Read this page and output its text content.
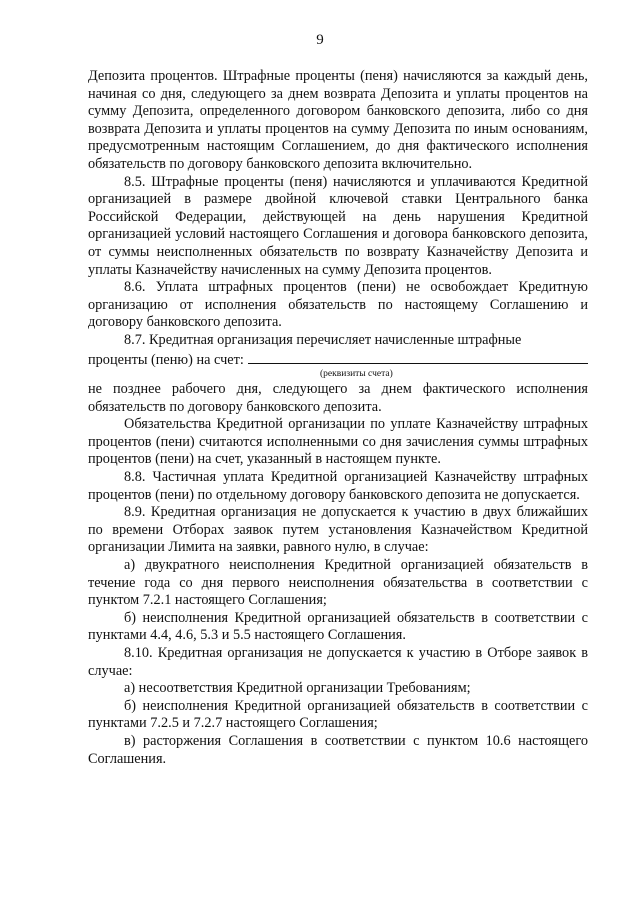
9

Депозита процентов. Штрафные проценты (пеня) начисляются за каждый день, начиная со дня, следующего за днем возврата Депозита и уплаты процентов на сумму Депозита, определенного договором банковского депозита, либо со дня возврата Депозита и уплаты процентов на сумму Депозита по иным основаниям, предусмотренным настоящим Соглашением, до дня фактического исполнения обязательств по договору банковского депозита включительно.

8.5. Штрафные проценты (пеня) начисляются и уплачиваются Кредитной организацией в размере двойной ключевой ставки Центрального банка Российской Федерации, действующей на день нарушения Кредитной организацией условий настоящего Соглашения и договора банковского депозита, от суммы неисполненных обязательств по возврату Казначейству Депозита и уплаты Казначейству начисленных на сумму Депозита процентов.

8.6. Уплата штрафных процентов (пени) не освобождает Кредитную организацию от исполнения обязательств по настоящему Соглашению и договору банковского депозита.

8.7. Кредитная организация перечисляет начисленные штрафные

проценты (пеню) на счет:
(реквизиты счета)

не позднее рабочего дня, следующего за днем фактического исполнения обязательств по договору банковского депозита.

Обязательства Кредитной организации по уплате Казначейству штрафных процентов (пени) считаются исполненными со дня зачисления суммы штрафных процентов (пени) на счет, указанный в настоящем пункте.

8.8. Частичная уплата Кредитной организацией Казначейству штрафных процентов (пени) по отдельному договору банковского депозита не допускается.

8.9. Кредитная организация не допускается к участию в двух ближайших по времени Отборах заявок путем установления Казначейством Кредитной организации Лимита на заявки, равного нулю, в случае:

а) двукратного неисполнения Кредитной организацией обязательств в течение года со дня первого неисполнения обязательства в соответствии с пунктом 7.2.1 настоящего Соглашения;

б) неисполнения Кредитной организацией обязательств в соответствии с пунктами 4.4, 4.6, 5.3 и 5.5 настоящего Соглашения.

8.10. Кредитная организация не допускается к участию в Отборе заявок в случае:

а) несоответствия Кредитной организации Требованиям;

б) неисполнения Кредитной организацией обязательств в соответствии с пунктами 7.2.5 и 7.2.7 настоящего Соглашения;

в) расторжения Соглашения в соответствии с пунктом 10.6 настоящего Соглашения.
